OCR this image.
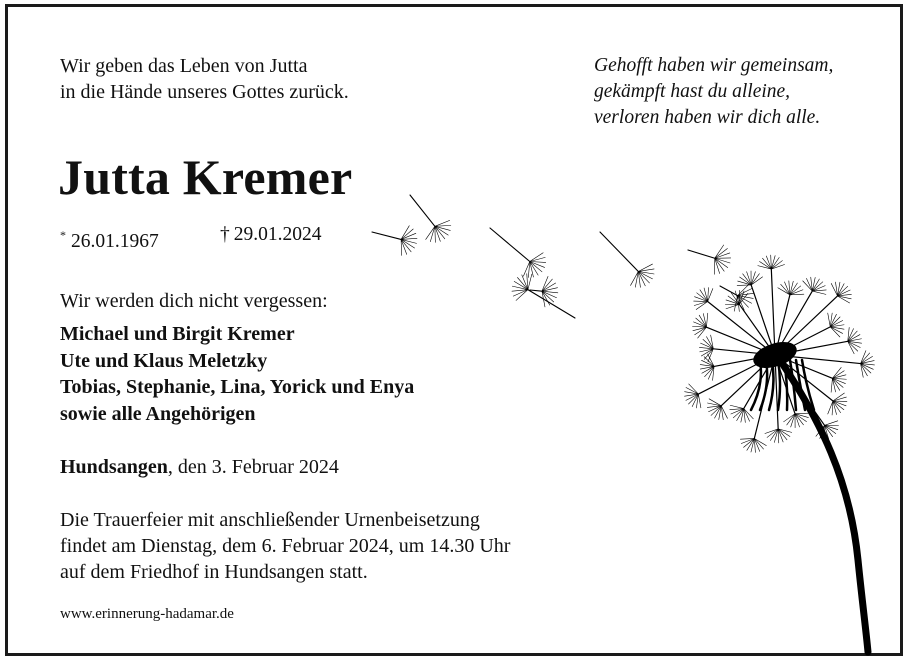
Wir geben das Leben von Jutta
in die Hände unseres Gottes zurück.
Gehofft haben wir gemeinsam,
gekämpft hast du alleine,
verloren haben wir dich alle.
Jutta Kremer
* 26.01.1967	† 29.01.2024
Wir werden dich nicht vergessen:
Michael und Birgit Kremer
Ute und Klaus Meletzky
Tobias, Stephanie, Lina, Yorick und Enya
sowie alle Angehörigen
Hundsangen, den 3. Februar 2024
Die Trauerfeier mit anschließender Urnenbeisetzung
findet am Dienstag, dem 6. Februar 2024, um 14.30 Uhr
auf dem Friedhof in Hundsangen statt.
www.erinnerung-hadamar.de
